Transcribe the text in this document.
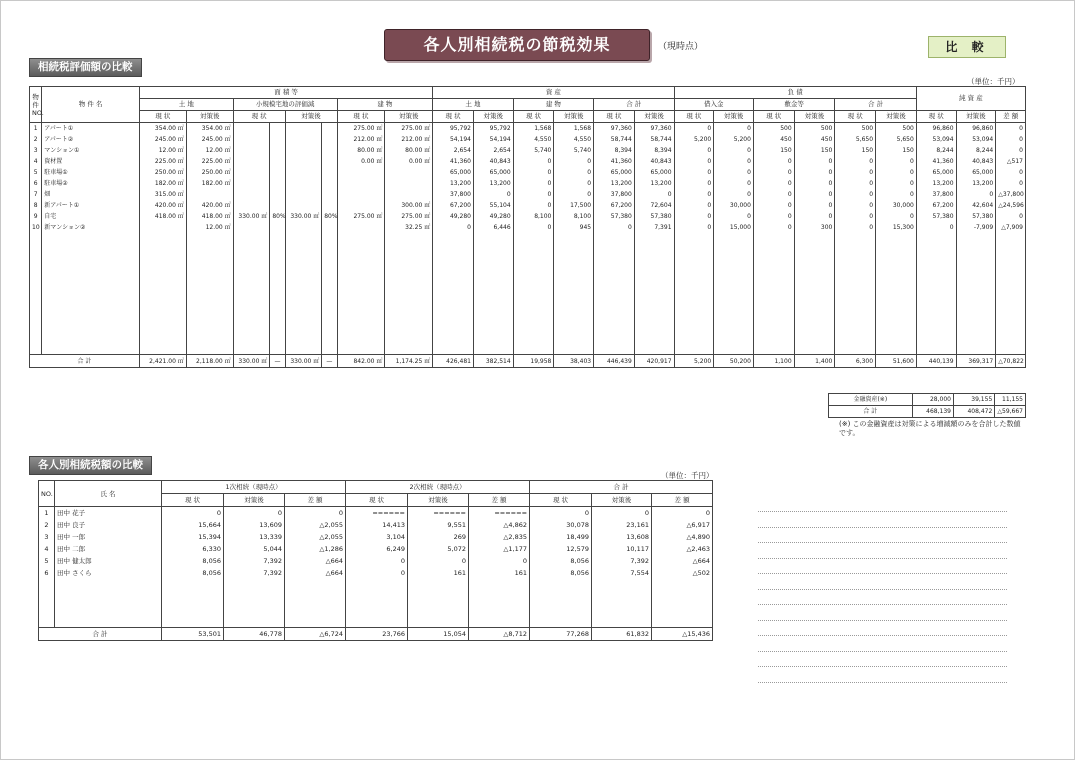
各人別相続税の節税効果	（現時点）	比 較
相続税評価額の比較
（単位：千円）
物件 NO.	物 件 名	面 積 等								資 産						負 債						純 資 産		
		土 地		小規模宅地の評価減				建 物		土 地		建 物		合 計		借入金		敷金等		合 計				
		現 状	対策後	現 状		対策後		現 状	対策後	現 状	対策後	現 状	対策後	現 状	対策後	現 状	対策後	現 状	対策後	現 状	対策後	現 状	対策後	差 額
1	アパート①	354.00 ㎡	354.00 ㎡					275.00 ㎡	275.00 ㎡	95,792	95,792	1,568	1,568	97,360	97,360	0	0	500	500	500	500	96,860	96,860	0
2	アパート②	245.00 ㎡	245.00 ㎡					212.00 ㎡	212.00 ㎡	54,194	54,194	4,550	4,550	58,744	58,744	5,200	5,200	450	450	5,650	5,650	53,094	53,094	0
3	マンション①	12.00 ㎡	12.00 ㎡					80.00 ㎡	80.00 ㎡	2,654	2,654	5,740	5,740	8,394	8,394	0	0	150	150	150	150	8,244	8,244	0
4	資材置	225.00 ㎡	225.00 ㎡					0.00 ㎡	0.00 ㎡	41,360	40,843	0	0	41,360	40,843	0	0	0	0	0	0	41,360	40,843	△517
5	駐車場①	250.00 ㎡	250.00 ㎡							65,000	65,000	0	0	65,000	65,000	0	0	0	0	0	0	65,000	65,000	0
6	駐車場②	182.00 ㎡	182.00 ㎡							13,200	13,200	0	0	13,200	13,200	0	0	0	0	0	0	13,200	13,200	0
7	畑	315.00 ㎡								37,800	0	0	0	37,800	0	0	0	0	0	0	0	37,800	0	△37,800
8	新アパート①	420.00 ㎡	420.00 ㎡						300.00 ㎡	67,200	55,104	0	17,500	67,200	72,604	0	30,000	0	0	0	30,000	67,200	42,604	△24,596
9	自宅	418.00 ㎡	418.00 ㎡	330.00 ㎡	80%	330.00 ㎡	80%	275.00 ㎡	275.00 ㎡	49,280	49,280	8,100	8,100	57,380	57,380	0	0	0	0	0	0	57,380	57,380	0
10	新マンション②		12.00 ㎡						32.25 ㎡	0	6,446	0	945	0	7,391	0	15,000	0	300	0	15,300	0	-7,909	△7,909

合 計		2,421.00 ㎡	2,118.00 ㎡	330.00 ㎡	—	330.00 ㎡	—	842.00 ㎡	1,174.25 ㎡	426,481	382,514	19,958	38,403	446,439	420,917	5,200	50,200	1,100	1,400	6,300	51,600	440,139	369,317	△70,822
金融資産(※)	28,000	39,155	11,155
合 計	468,139	408,472	△59,667
(※) この金融資産は対策による増減額のみを合計した数値です。
各人別相続税額の比較
（単位：千円）
NO.	氏 名	1次相続（現時点）			2次相続（現時点）			合 計		
		現 状	対策後	差 額	現 状	対策後	差 額	現 状	対策後	差 額
1	田中 花子	0	0	0	======	======	======	0	0	0
2	田中 良子	15,664	13,609	△2,055	14,413	9,551	△4,862	30,078	23,161	△6,917
3	田中 一郎	15,394	13,339	△2,055	3,104	269	△2,835	18,499	13,608	△4,890
4	田中 二郎	6,330	5,044	△1,286	6,249	5,072	△1,177	12,579	10,117	△2,463
5	田中 健太郎	8,056	7,392	△664	0	0	0	8,056	7,392	△664
6	田中 さくら	8,056	7,392	△664	0	161	161	8,056	7,554	△502

合 計		53,501	46,778	△6,724	23,766	15,054	△8,712	77,268	61,832	△15,436
